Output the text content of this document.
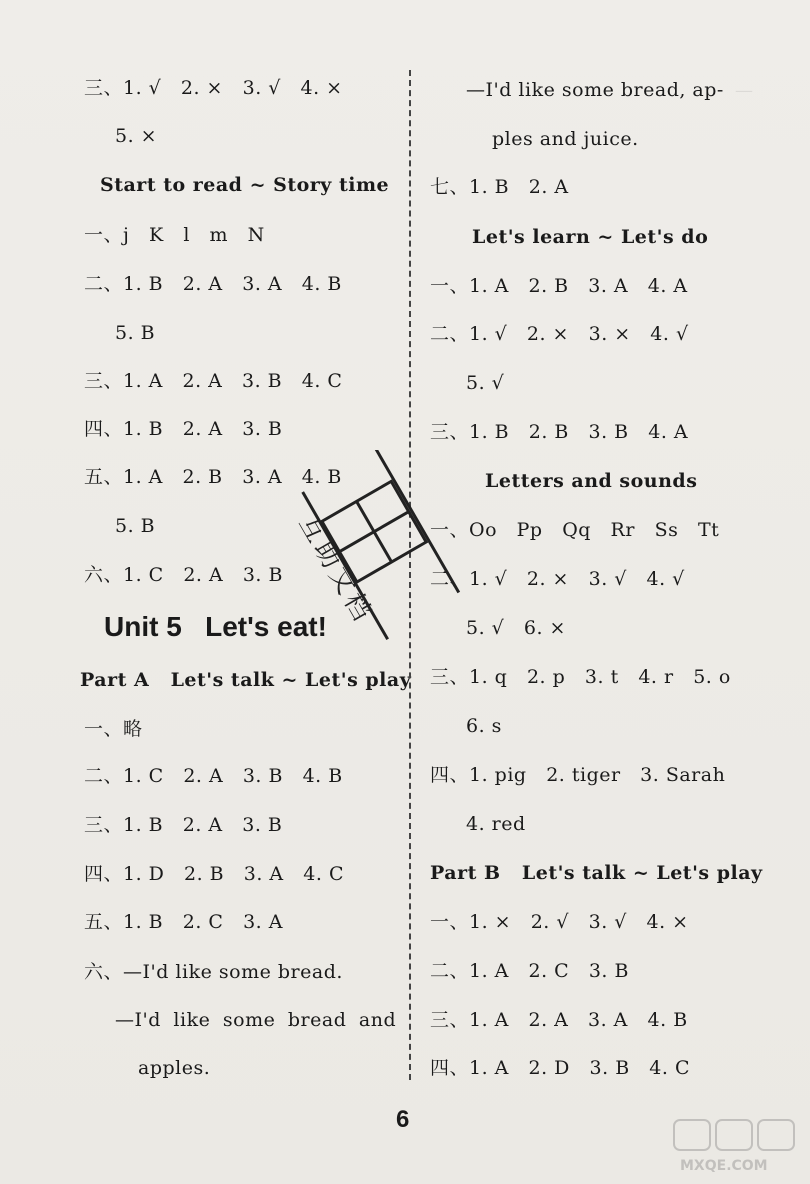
—
三、1. √   2. ×   3. √   4. ×
5. ×
Start to read ~ Story time
一、j   K   l   m   N
二、1. B   2. A   3. A   4. B
5. B
三、1. A   2. A   3. B   4. C
四、1. B   2. A   3. B
五、1. A   2. B   3. A   4. B
5. B
六、1. C   2. A   3. B
Unit 5   Let's eat!
Part A   Let's talk ~ Let's play
一、略
二、1. C   2. A   3. B   4. B
三、1. B   2. A   3. B
四、1. D   2. B   3. A   4. C
五、1. B   2. C   3. A
六、—I'd like some bread.
—I'd like some bread and
apples.
—I'd like some bread, ap-
ples and juice.
七、1. B   2. A
Let's learn ~ Let's do
一、1. A   2. B   3. A   4. A
二、1. √   2. ×   3. ×   4. √
5. √
三、1. B   2. B   3. B   4. A
Letters and sounds
一、Oo   Pp   Qq   Rr   Ss   Tt
二、1. √   2. ×   3. √   4. √
5. √   6. ×
三、1. q   2. p   3. t   4. r   5. o
6. s
四、1. pig   2. tiger   3. Sarah
4. red
Part B   Let's talk ~ Let's play
一、1. ×   2. √   3. √   4. ×
二、1. A   2. C   3. B
三、1. A   2. A   3. A   4. B
四、1. A   2. D   3. B   4. C
6
互
助
文
档
MXQE.COM
